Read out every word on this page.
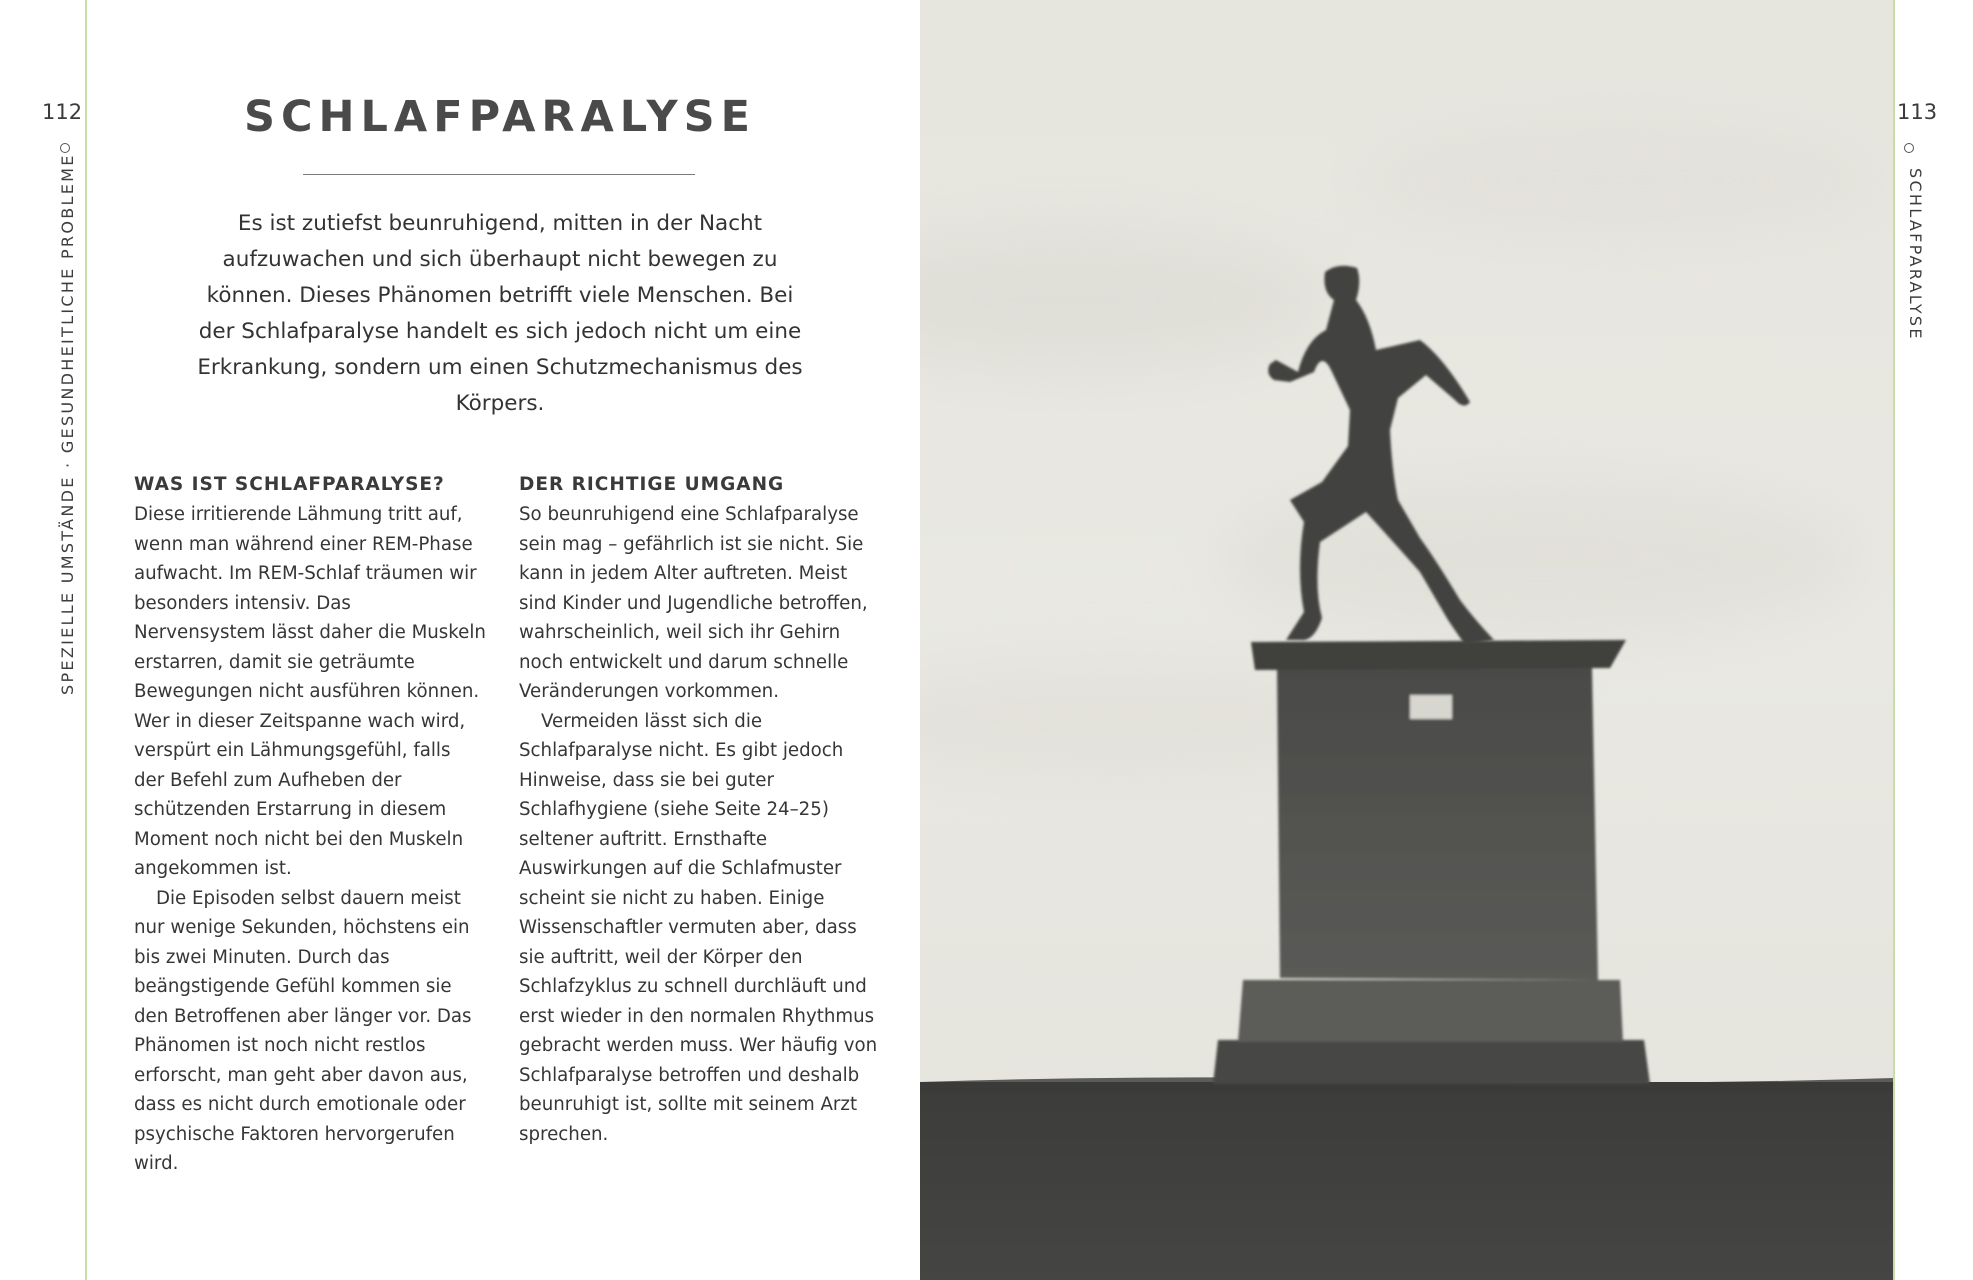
112
SPEZIELLE UMSTÄNDE · GESUNDHEITLICHE PROBLEME
113
SCHLAFPARALYSE
SCHLAFPARALYSE

Es ist zutiefst beunruhigend, mitten in der Nacht aufzuwachen und sich überhaupt nicht bewegen zu können. Dieses Phänomen betrifft viele Menschen. Bei der Schlafparalyse handelt es sich jedoch nicht um eine Erkrankung, sondern um einen Schutzmechanismus des Körpers.

WAS IST SCHLAFPARALYSE?

Diese irritierende Lähmung tritt auf, wenn man während einer REM-Phase aufwacht. Im REM-Schlaf träumen wir besonders intensiv. Das Nervensystem lässt daher die Muskeln erstarren, damit sie geträumte Bewegungen nicht ausführen können. Wer in dieser Zeitspanne wach wird, verspürt ein Lähmungsgefühl, falls der Befehl zum Aufheben der schützenden Erstarrung in diesem Moment noch nicht bei den Muskeln angekommen ist.

Die Episoden selbst dauern meist nur wenige Sekunden, höchstens ein bis zwei Minuten. Durch das beängstigende Gefühl kommen sie den Betroffenen aber länger vor. Das Phänomen ist noch nicht restlos erforscht, man geht aber davon aus, dass es nicht durch emotionale oder psychische Faktoren hervorgerufen wird.

DER RICHTIGE UMGANG

So beunruhigend eine Schlafparalyse sein mag – gefährlich ist sie nicht. Sie kann in jedem Alter auftreten. Meist sind Kinder und Jugendliche betroffen, wahrscheinlich, weil sich ihr Gehirn noch entwickelt und darum schnelle Veränderungen vorkommen.

Vermeiden lässt sich die Schlafparalyse nicht. Es gibt jedoch Hinweise, dass sie bei guter Schlafhygiene (siehe Seite 24–25) seltener auftritt. Ernsthafte Auswirkungen auf die Schlafmuster scheint sie nicht zu haben. Einige Wissenschaftler vermuten aber, dass sie auftritt, weil der Körper den Schlafzyklus zu schnell durchläuft und erst wieder in den normalen Rhythmus gebracht werden muss. Wer häufig von Schlafparalyse betroffen und deshalb beunruhigt ist, sollte mit seinem Arzt sprechen.
